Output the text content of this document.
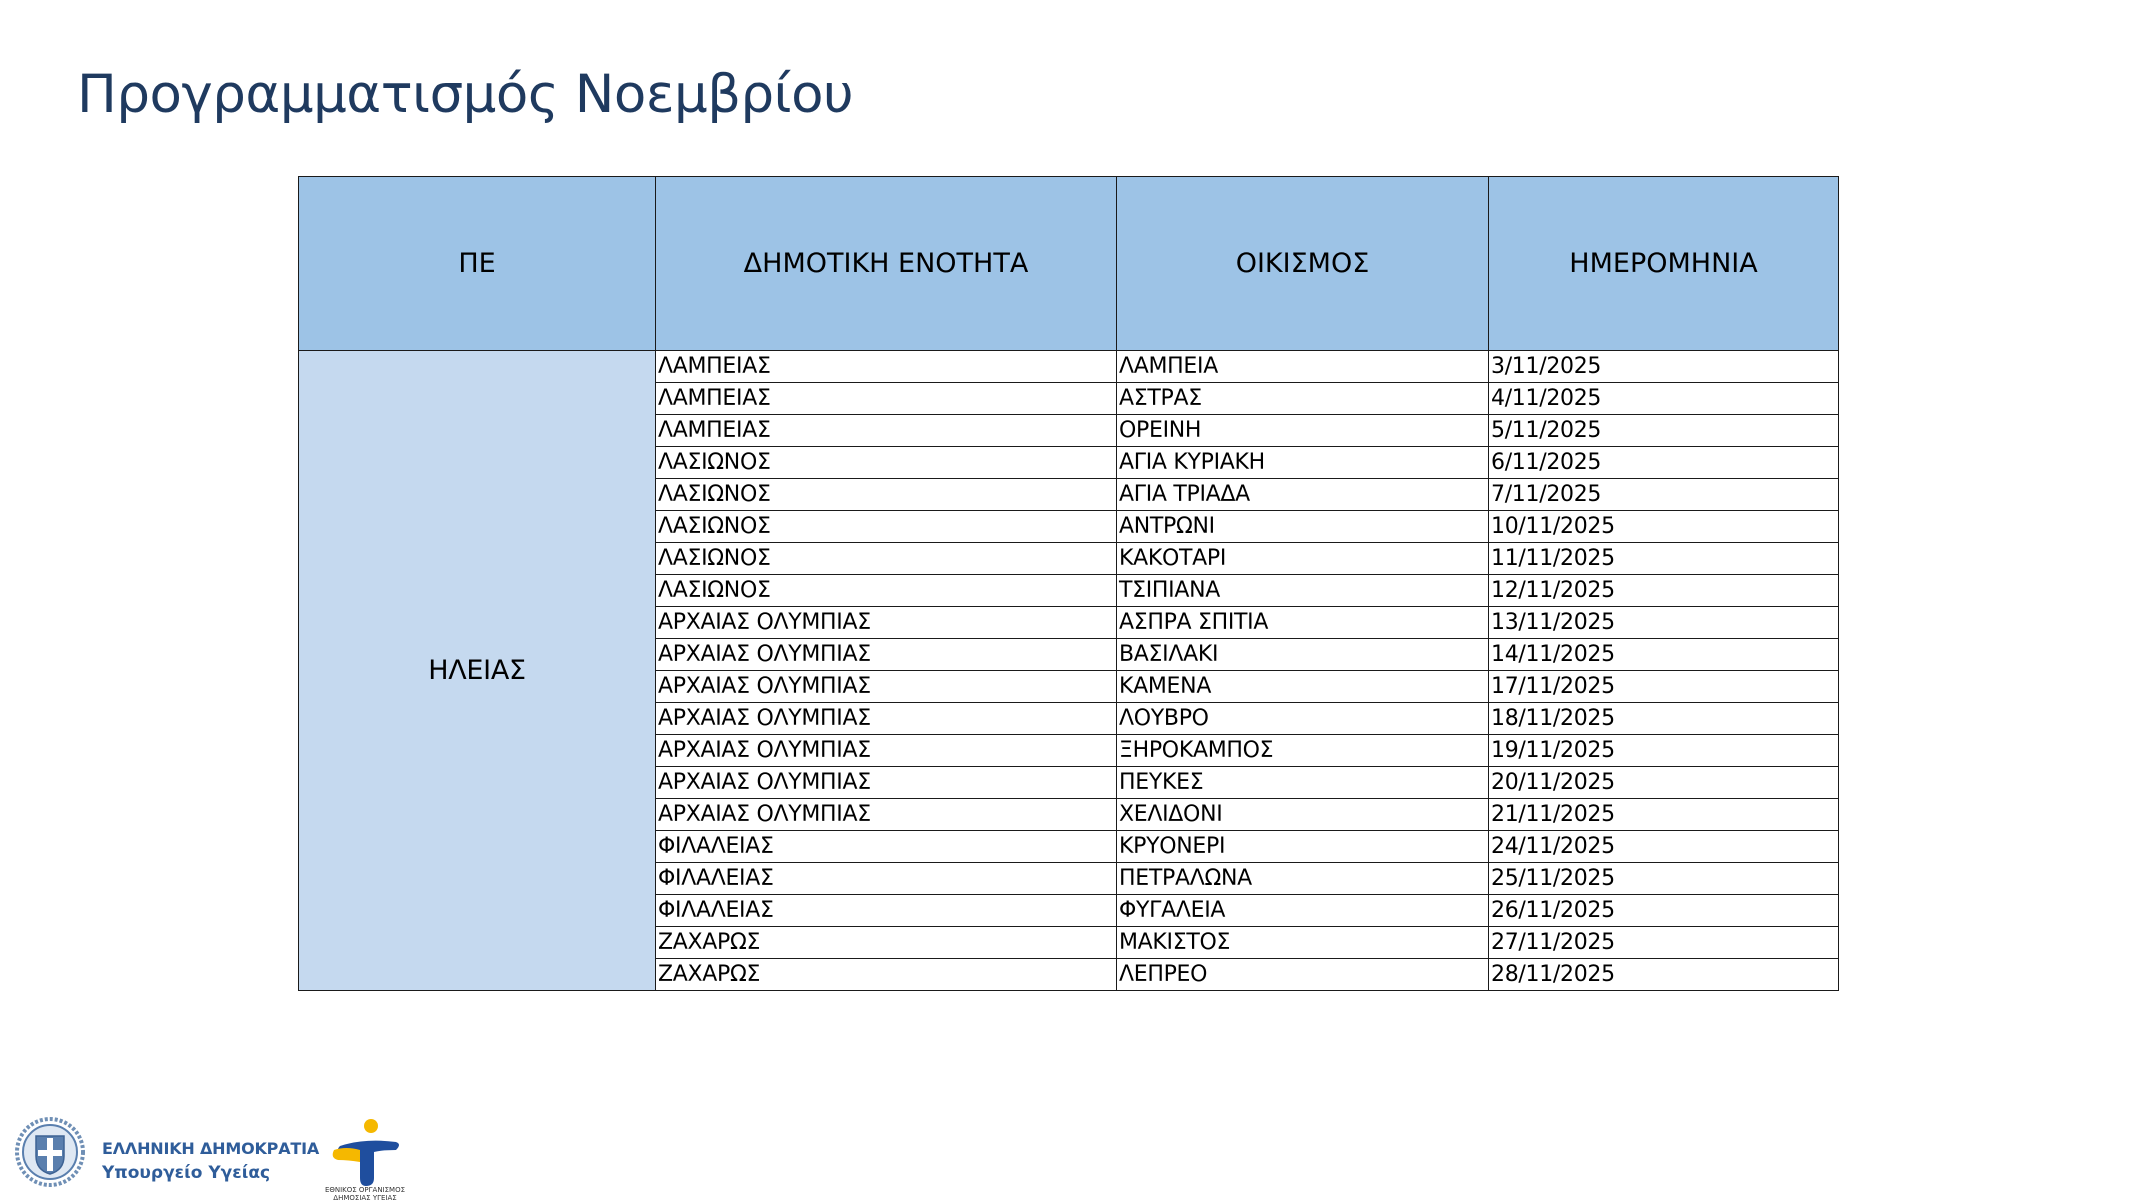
Προγραμματισμός Νοεμβρίου
ΠΕ	ΔΗΜΟΤΙΚΗ ΕΝΟΤΗΤΑ	ΟΙΚΙΣΜΟΣ	ΗΜΕΡΟΜΗΝΙΑ
ΗΛΕΙΑΣ	ΛΑΜΠΕΙΑΣ	ΛΑΜΠΕΙΑ	3/11/2025
	ΛΑΜΠΕΙΑΣ	ΑΣΤΡΑΣ	4/11/2025
	ΛΑΜΠΕΙΑΣ	ΟΡΕΙΝΗ	5/11/2025
	ΛΑΣΙΩΝΟΣ	ΑΓΙΑ ΚΥΡΙΑΚΗ	6/11/2025
	ΛΑΣΙΩΝΟΣ	ΑΓΙΑ ΤΡΙΑΔΑ	7/11/2025
	ΛΑΣΙΩΝΟΣ	ΑΝΤΡΩΝΙ	10/11/2025
	ΛΑΣΙΩΝΟΣ	ΚΑΚΟΤΑΡΙ	11/11/2025
	ΛΑΣΙΩΝΟΣ	ΤΣΙΠΙΑΝΑ	12/11/2025
	ΑΡΧΑΙΑΣ ΟΛΥΜΠΙΑΣ	ΑΣΠΡΑ ΣΠΙΤΙΑ	13/11/2025
	ΑΡΧΑΙΑΣ ΟΛΥΜΠΙΑΣ	ΒΑΣΙΛΑΚΙ	14/11/2025
	ΑΡΧΑΙΑΣ ΟΛΥΜΠΙΑΣ	ΚΑΜΕΝΑ	17/11/2025
	ΑΡΧΑΙΑΣ ΟΛΥΜΠΙΑΣ	ΛΟΥΒΡΟ	18/11/2025
	ΑΡΧΑΙΑΣ ΟΛΥΜΠΙΑΣ	ΞΗΡΟΚΑΜΠΟΣ	19/11/2025
	ΑΡΧΑΙΑΣ ΟΛΥΜΠΙΑΣ	ΠΕΥΚΕΣ	20/11/2025
	ΑΡΧΑΙΑΣ ΟΛΥΜΠΙΑΣ	ΧΕΛΙΔΟΝΙ	21/11/2025
	ΦΙΛΑΛΕΙΑΣ	ΚΡΥΟΝΕΡΙ	24/11/2025
	ΦΙΛΑΛΕΙΑΣ	ΠΕΤΡΑΛΩΝΑ	25/11/2025
	ΦΙΛΑΛΕΙΑΣ	ΦΥΓΑΛΕΙΑ	26/11/2025
	ΖΑΧΑΡΩΣ	ΜΑΚΙΣΤΟΣ	27/11/2025
	ΖΑΧΑΡΩΣ	ΛΕΠΡΕΟ	28/11/2025
ΕΛΛΗΝΙΚΗ ΔΗΜΟΚΡΑΤΙΑ
Υπουργείο Υγείας
ΕΘΝΙΚΟΣ ΟΡΓΑΝΙΣΜΟΣ ΔΗΜΟΣΙΑΣ ΥΓΕΙΑΣ
